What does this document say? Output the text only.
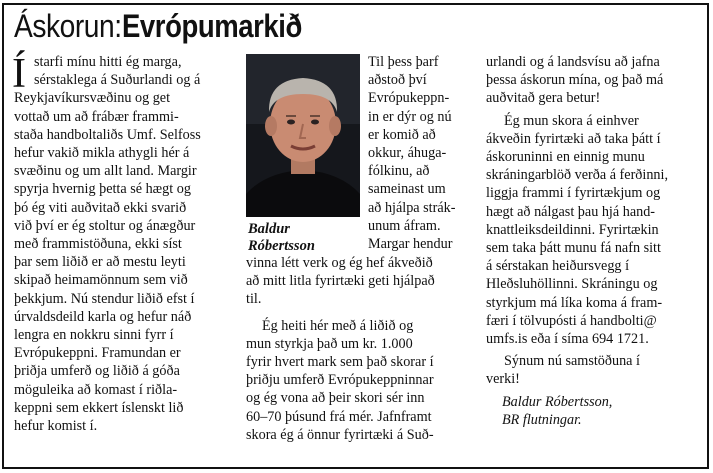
Áskorun:Evrópumarkið
Í
Baldur
Róbertsson
starfi mínu hitti ég marga,
sérstaklega á Suðurlandi og á
Reykjavíkursvæðinu og get
vottað um að frábær frammi-
staða handboltaliðs Umf. Selfoss
hefur vakið mikla athygli hér á
svæðinu og um allt land. Margir
spyrja hvernig þetta sé hægt og
þó ég viti auðvitað ekki svarið
við því er ég stoltur og ánægður
með frammistöðuna, ekki síst
þar sem liðið er að mestu leyti
skipað heimamönnum sem við
þekkjum. Nú stendur liðið efst í
úrvaldsdeild karla og hefur náð
lengra en nokkru sinni fyrr í
Evrópukeppni. Framundan er
þriðja umferð og liðið á góða
möguleika að komast í riðla-
keppni sem ekkert íslenskt lið
hefur komist í.
Til þess þarf
aðstoð því
Evrópukeppn-
in er dýr og nú
er komið að
okkur, áhuga-
fólkinu, að
sameinast um
að hjálpa strák-
unum áfram.
Margar hendur
vinna létt verk og ég hef ákveðið
að mitt litla fyrirtæki geti hjálpað
til.
Ég heiti hér með á liðið og
mun styrkja það um kr. 1.000
fyrir hvert mark sem það skorar í
þriðju umferð Evrópukeppninnar
og ég vona að þeir skori sér inn
60–70 þúsund frá mér. Jafnframt
skora ég á önnur fyrirtæki á Suð-
urlandi og á landsvísu að jafna
þessa áskorun mína, og það má
auðvitað gera betur!
Ég mun skora á einhver
ákveðin fyrirtæki að taka þátt í
áskoruninni en einnig munu
skráningarblöð verða á ferðinni,
liggja frammi í fyrirtækjum og
hægt að nálgast þau hjá hand-
knattleiksdeildinni. Fyrirtækin
sem taka þátt munu fá nafn sitt
á sérstakan heiðursvegg í
Hleðsluhöllinni. Skráningu og
styrkjum má líka koma á fram-
færi í tölvupósti á handbolti@
umfs.is eða í síma 694 1721.
Sýnum nú samstöðuna í
verki!
Baldur Róbertsson,
BR flutningar.
